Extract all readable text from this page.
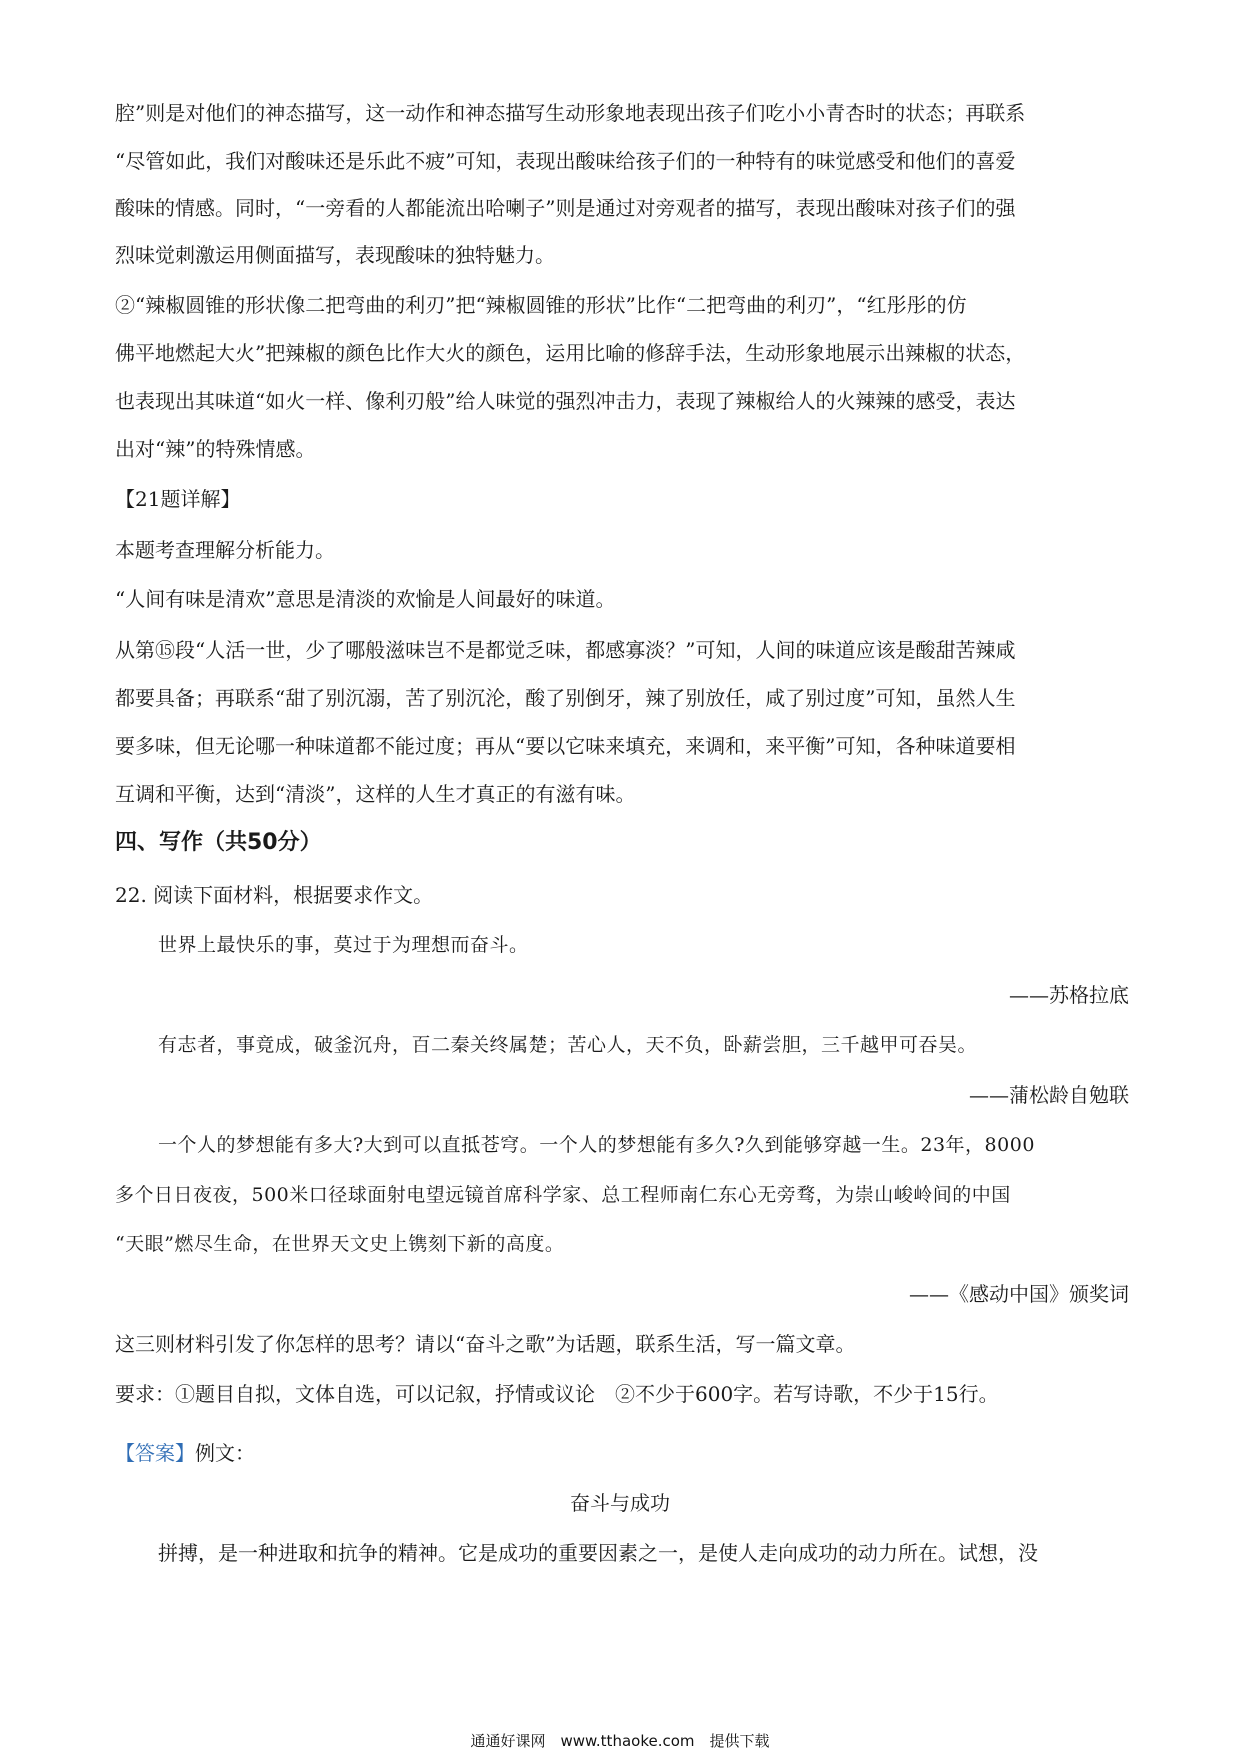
腔”则是对他们的神态描写，这一动作和神态描写生动形象地表现出孩子们吃小小青杏时的状态；再联系
“尽管如此，我们对酸味还是乐此不疲”可知，表现出酸味给孩子们的一种特有的味觉感受和他们的喜爱
酸味的情感。同时，“一旁看的人都能流出哈喇子”则是通过对旁观者的描写，表现出酸味对孩子们的强
烈味觉刺激运用侧面描写，表现酸味的独特魅力。
②“辣椒圆锥的形状像二把弯曲的利刃”把“辣椒圆锥的形状”比作“二把弯曲的利刃”，“红彤彤的仿
佛平地燃起大火”把辣椒的颜色比作大火的颜色，运用比喻的修辞手法，生动形象地展示出辣椒的状态，
也表现出其味道“如火一样、像利刃般”给人味觉的强烈冲击力，表现了辣椒给人的火辣辣的感受，表达
出对“辣”的特殊情感。
【21题详解】
本题考查理解分析能力。
“人间有味是清欢”意思是清淡的欢愉是人间最好的味道。
从第⑮段“人活一世，少了哪般滋味岂不是都觉乏味，都感寡淡？”可知，人间的味道应该是酸甜苦辣咸
都要具备；再联系“甜了别沉溺，苦了别沉沦，酸了别倒牙，辣了别放任，咸了别过度”可知，虽然人生
要多味，但无论哪一种味道都不能过度；再从“要以它味来填充，来调和，来平衡”可知，各种味道要相
互调和平衡，达到“清淡”，这样的人生才真正的有滋有味。
四、写作（共50分）
22. 阅读下面材料，根据要求作文。
世界上最快乐的事，莫过于为理想而奋斗。
——苏格拉底
有志者，事竟成，破釜沉舟，百二秦关终属楚；苦心人，天不负，卧薪尝胆，三千越甲可吞吴。
——蒲松龄自勉联
一个人的梦想能有多大?大到可以直抵苍穹。一个人的梦想能有多久?久到能够穿越一生。23年，8000
多个日日夜夜，500米口径球面射电望远镜首席科学家、总工程师南仁东心无旁骛，为崇山峻岭间的中国
“天眼”燃尽生命，在世界天文史上镌刻下新的高度。
——《感动中国》颁奖词
这三则材料引发了你怎样的思考？请以“奋斗之歌”为话题，联系生活，写一篇文章。
要求：①题目自拟，文体自选，可以记叙，抒情或议论　②不少于600字。若写诗歌，不少于15行。
【答案】例文：
奋斗与成功
拼搏，是一种进取和抗争的精神。它是成功的重要因素之一，是使人走向成功的动力所在。试想，没
通通好课网　www.tthaoke.com　提供下载
